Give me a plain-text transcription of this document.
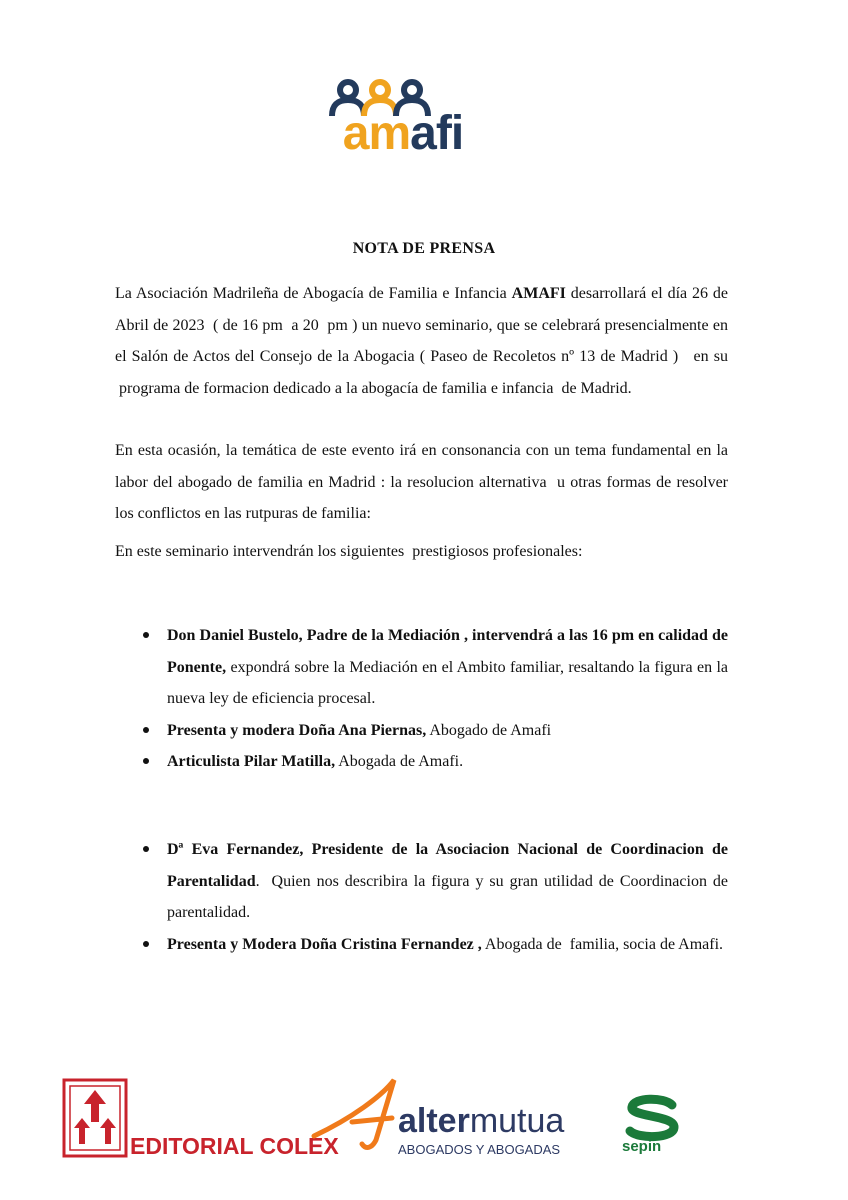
amafi
NOTA DE PRENSA

La Asociación Madrileña de Abogacía de Familia e Infancia AMAFI desarrollará el día 26 de Abril de 2023  ( de 16 pm  a 20  pm ) un nuevo seminario, que se celebrará presencialmente en el Salón de Actos del Consejo de la Abogacia ( Paseo de Recoletos nº 13 de Madrid )   en su  programa de formacion dedicado a la abogacía de familia e infancia  de Madrid.

En esta ocasión, la temática de este evento irá en consonancia con un tema fundamental en la labor del abogado de familia en Madrid : la resolucion alternativa  u otras formas de resolver los conflictos en las rutpuras de familia:

En este seminario intervendrán los siguientes  prestigiosos profesionales:

Don Daniel Bustelo, Padre de la Mediación , intervendrá a las 16 pm en calidad de Ponente, expondrá sobre la Mediación en el Ambito familiar, resaltando la figura en la nueva ley de eficiencia procesal.
Presenta y modera Doña Ana Piernas, Abogado de Amafi
Articulista Pilar Matilla, Abogada de Amafi.
Dª Eva Fernandez, Presidente de la Asociacion Nacional de Coordinacion de Parentalidad.  Quien nos describira la figura y su gran utilidad de Coordinacion de parentalidad.
Presenta y Modera Doña Cristina Fernandez , Abogada de  familia, socia de Amafi.
EDITORIAL COLEX
altermutua
ABOGADOS Y ABOGADAS	sepin
